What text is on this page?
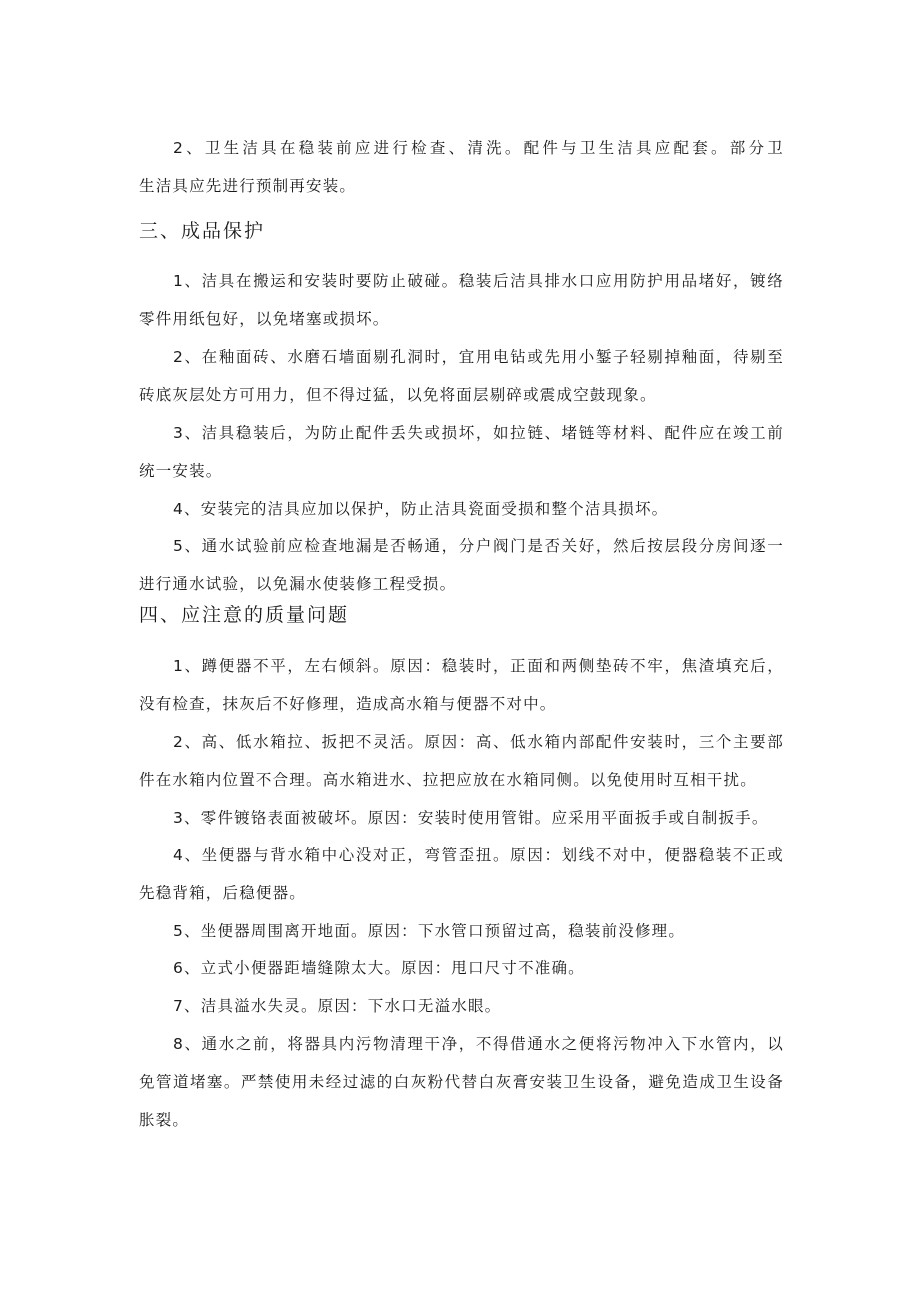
2、卫生洁具在稳装前应进行检查、清洗。配件与卫生洁具应配套。部分卫
生洁具应先进行预制再安装。
三、成品保护
1、洁具在搬运和安装时要防止破碰。稳装后洁具排水口应用防护用品堵好，镀络
零件用纸包好，以免堵塞或损坏。
2、在釉面砖、水磨石墙面剔孔洞时，宜用电钻或先用小錾子轻剔掉釉面，待剔至
砖底灰层处方可用力，但不得过猛，以免将面层剔碎或震成空鼓现象。
3、洁具稳装后，为防止配件丢失或损坏，如拉链、堵链等材料、配件应在竣工前
统一安装。
4、安装完的洁具应加以保护，防止洁具瓷面受损和整个洁具损坏。
5、通水试验前应检查地漏是否畅通，分户阀门是否关好，然后按层段分房间逐一
进行通水试验，以免漏水使装修工程受损。
四、应注意的质量问题
1、蹲便器不平，左右倾斜。原因：稳装时，正面和两侧垫砖不牢，焦渣填充后，
没有检查，抹灰后不好修理，造成高水箱与便器不对中。
2、高、低水箱拉、扳把不灵活。原因：高、低水箱内部配件安装时，三个主要部
件在水箱内位置不合理。高水箱进水、拉把应放在水箱同侧。以免使用时互相干扰。
3、零件镀铬表面被破坏。原因：安装时使用管钳。应采用平面扳手或自制扳手。
4、坐便器与背水箱中心没对正，弯管歪扭。原因：划线不对中，便器稳装不正或
先稳背箱，后稳便器。
5、坐便器周围离开地面。原因：下水管口预留过高，稳装前没修理。
6、立式小便器距墙缝隙太大。原因：甩口尺寸不准确。
7、洁具溢水失灵。原因：下水口无溢水眼。
8、通水之前，将器具内污物清理干净，不得借通水之便将污物冲入下水管内，以
免管道堵塞。严禁使用未经过滤的白灰粉代替白灰膏安装卫生设备，避免造成卫生设备
胀裂。
